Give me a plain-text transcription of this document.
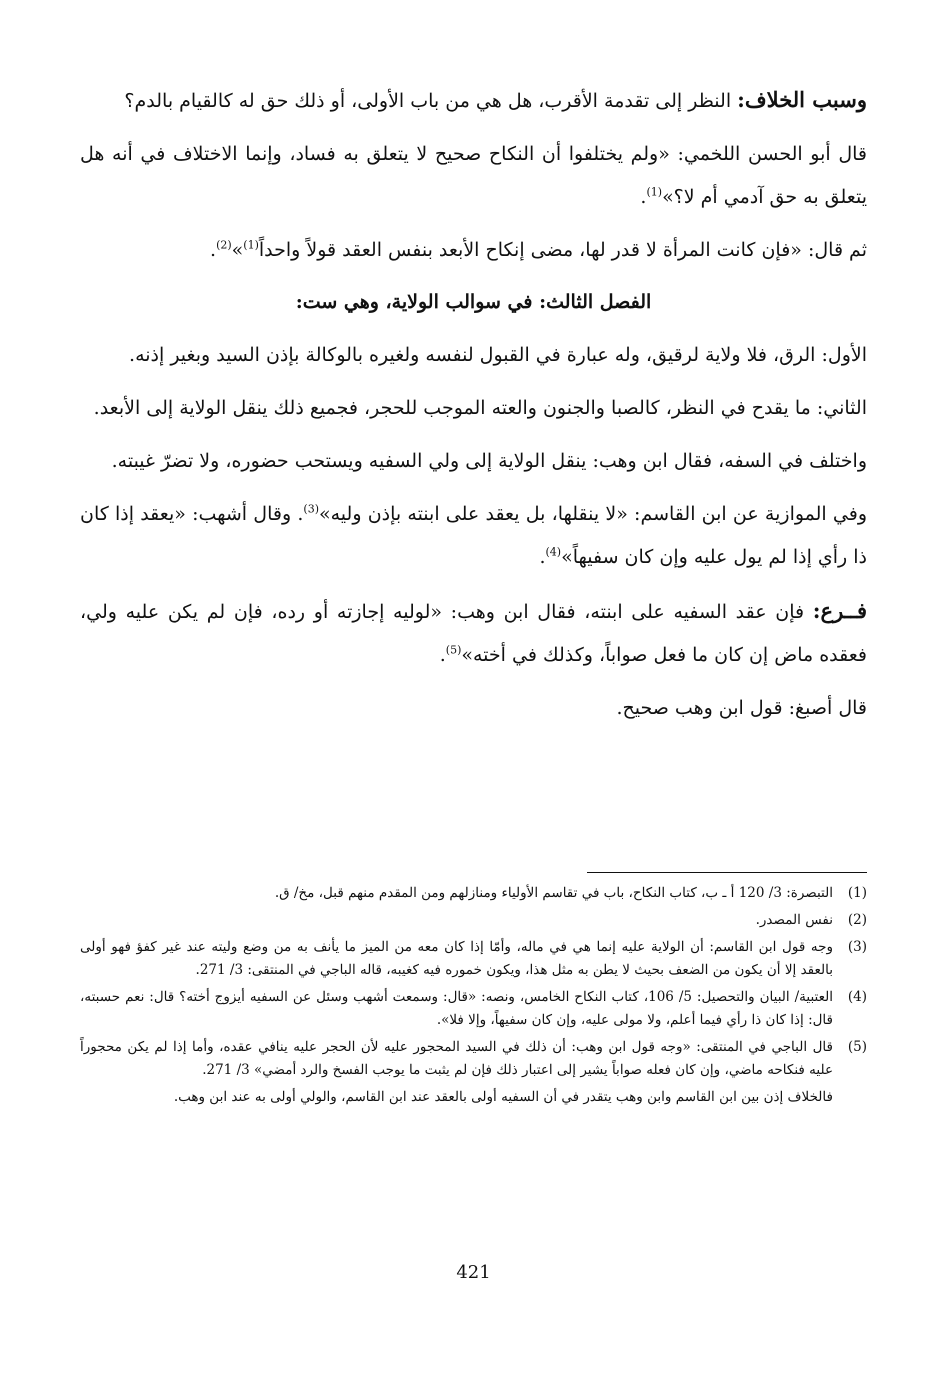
وسبب الخلاف: النظر إلى تقدمة الأقرب، هل هي من باب الأولى، أو ذلك حق له كالقيام بالدم؟

قال أبو الحسن اللخمي: «ولم يختلفوا أن النكاح صحيح لا يتعلق به فساد، وإنما الاختلاف في أنه هل يتعلق به حق آدمي أم لا؟»$^{(1)}$.

ثم قال: «فإن كانت المرأة لا قدر لها، مضى إنكاح الأبعد بنفس العقد قولاً واحداً$^{(1)}$»$^{(2)}$.

الفصل الثالث: في سوالب الولاية، وهي ست:

الأول: الرق، فلا ولاية لرقيق، وله عبارة في القبول لنفسه ولغيره بالوكالة بإذن السيد وبغير إذنه.

الثاني: ما يقدح في النظر، كالصبا والجنون والعته الموجب للحجر، فجميع ذلك ينقل الولاية إلى الأبعد.

واختلف في السفه، فقال ابن وهب: ينقل الولاية إلى ولي السفيه ويستحب حضوره، ولا تضرّ غيبته.

وفي الموازية عن ابن القاسم: «لا ينقلها، بل يعقد على ابنته بإذن وليه»$^{(3)}$. وقال أشهب: «يعقد إذا كان ذا رأي إذا لم يول عليه وإن كان سفيهاً»$^{(4)}$.

فــرع: فإن عقد السفيه على ابنته، فقال ابن وهب: «لوليه إجازته أو رده، فإن لم يكن عليه ولي، فعقده ماض إن كان ما فعل صواباً، وكذلك في أخته»$^{(5)}$.

قال أصبغ: قول ابن وهب صحيح.

(1)
التبصرة: 3/ 120 أ ـ ب، كتاب النكاح، باب في تقاسم الأولياء ومنازلهم ومن المقدم منهم قبل، مخ/ ق.
(2)
نفس المصدر.
(3)
وجه قول ابن القاسم: أن الولاية عليه إنما هي في ماله، وأمّا إذا كان معه من الميز ما يأنف به من وضع وليته عند غير كفؤ فهو أولى بالعقد إلا أن يكون من الضعف بحيث لا يطن به مثل هذا، ويكون خموره فيه كغيبه، قاله الباجي في المنتقى: 3/ 271.
(4)
العتبية/ البيان والتحصيل: 5/ 106، كتاب النكاح الخامس، ونصه: «قال: وسمعت أشهب وسئل عن السفيه أيزوج أخته؟ قال: نعم حسبته، قال: إذا كان ذا رأي فيما أعلم، ولا مولى عليه، وإن كان سفيهاً، وإلا فلا».
(5)
قال الباجي في المنتقى: «وجه قول ابن وهب: أن ذلك في السيد المحجور عليه لأن الحجر عليه ينافي عقده، وأما إذا لم يكن محجوراً عليه فنكاحه ماضي، وإن كان فعله صواباً يشير إلى اعتبار ذلك فإن لم يثبت ما يوجب الفسخ والرد أمضي» 3/ 271.
فالخلاف إذن بين ابن القاسم وابن وهب يتقدر في أن السفيه أولى بالعقد عند ابن القاسم، والولي أولى به عند ابن وهب.
421
